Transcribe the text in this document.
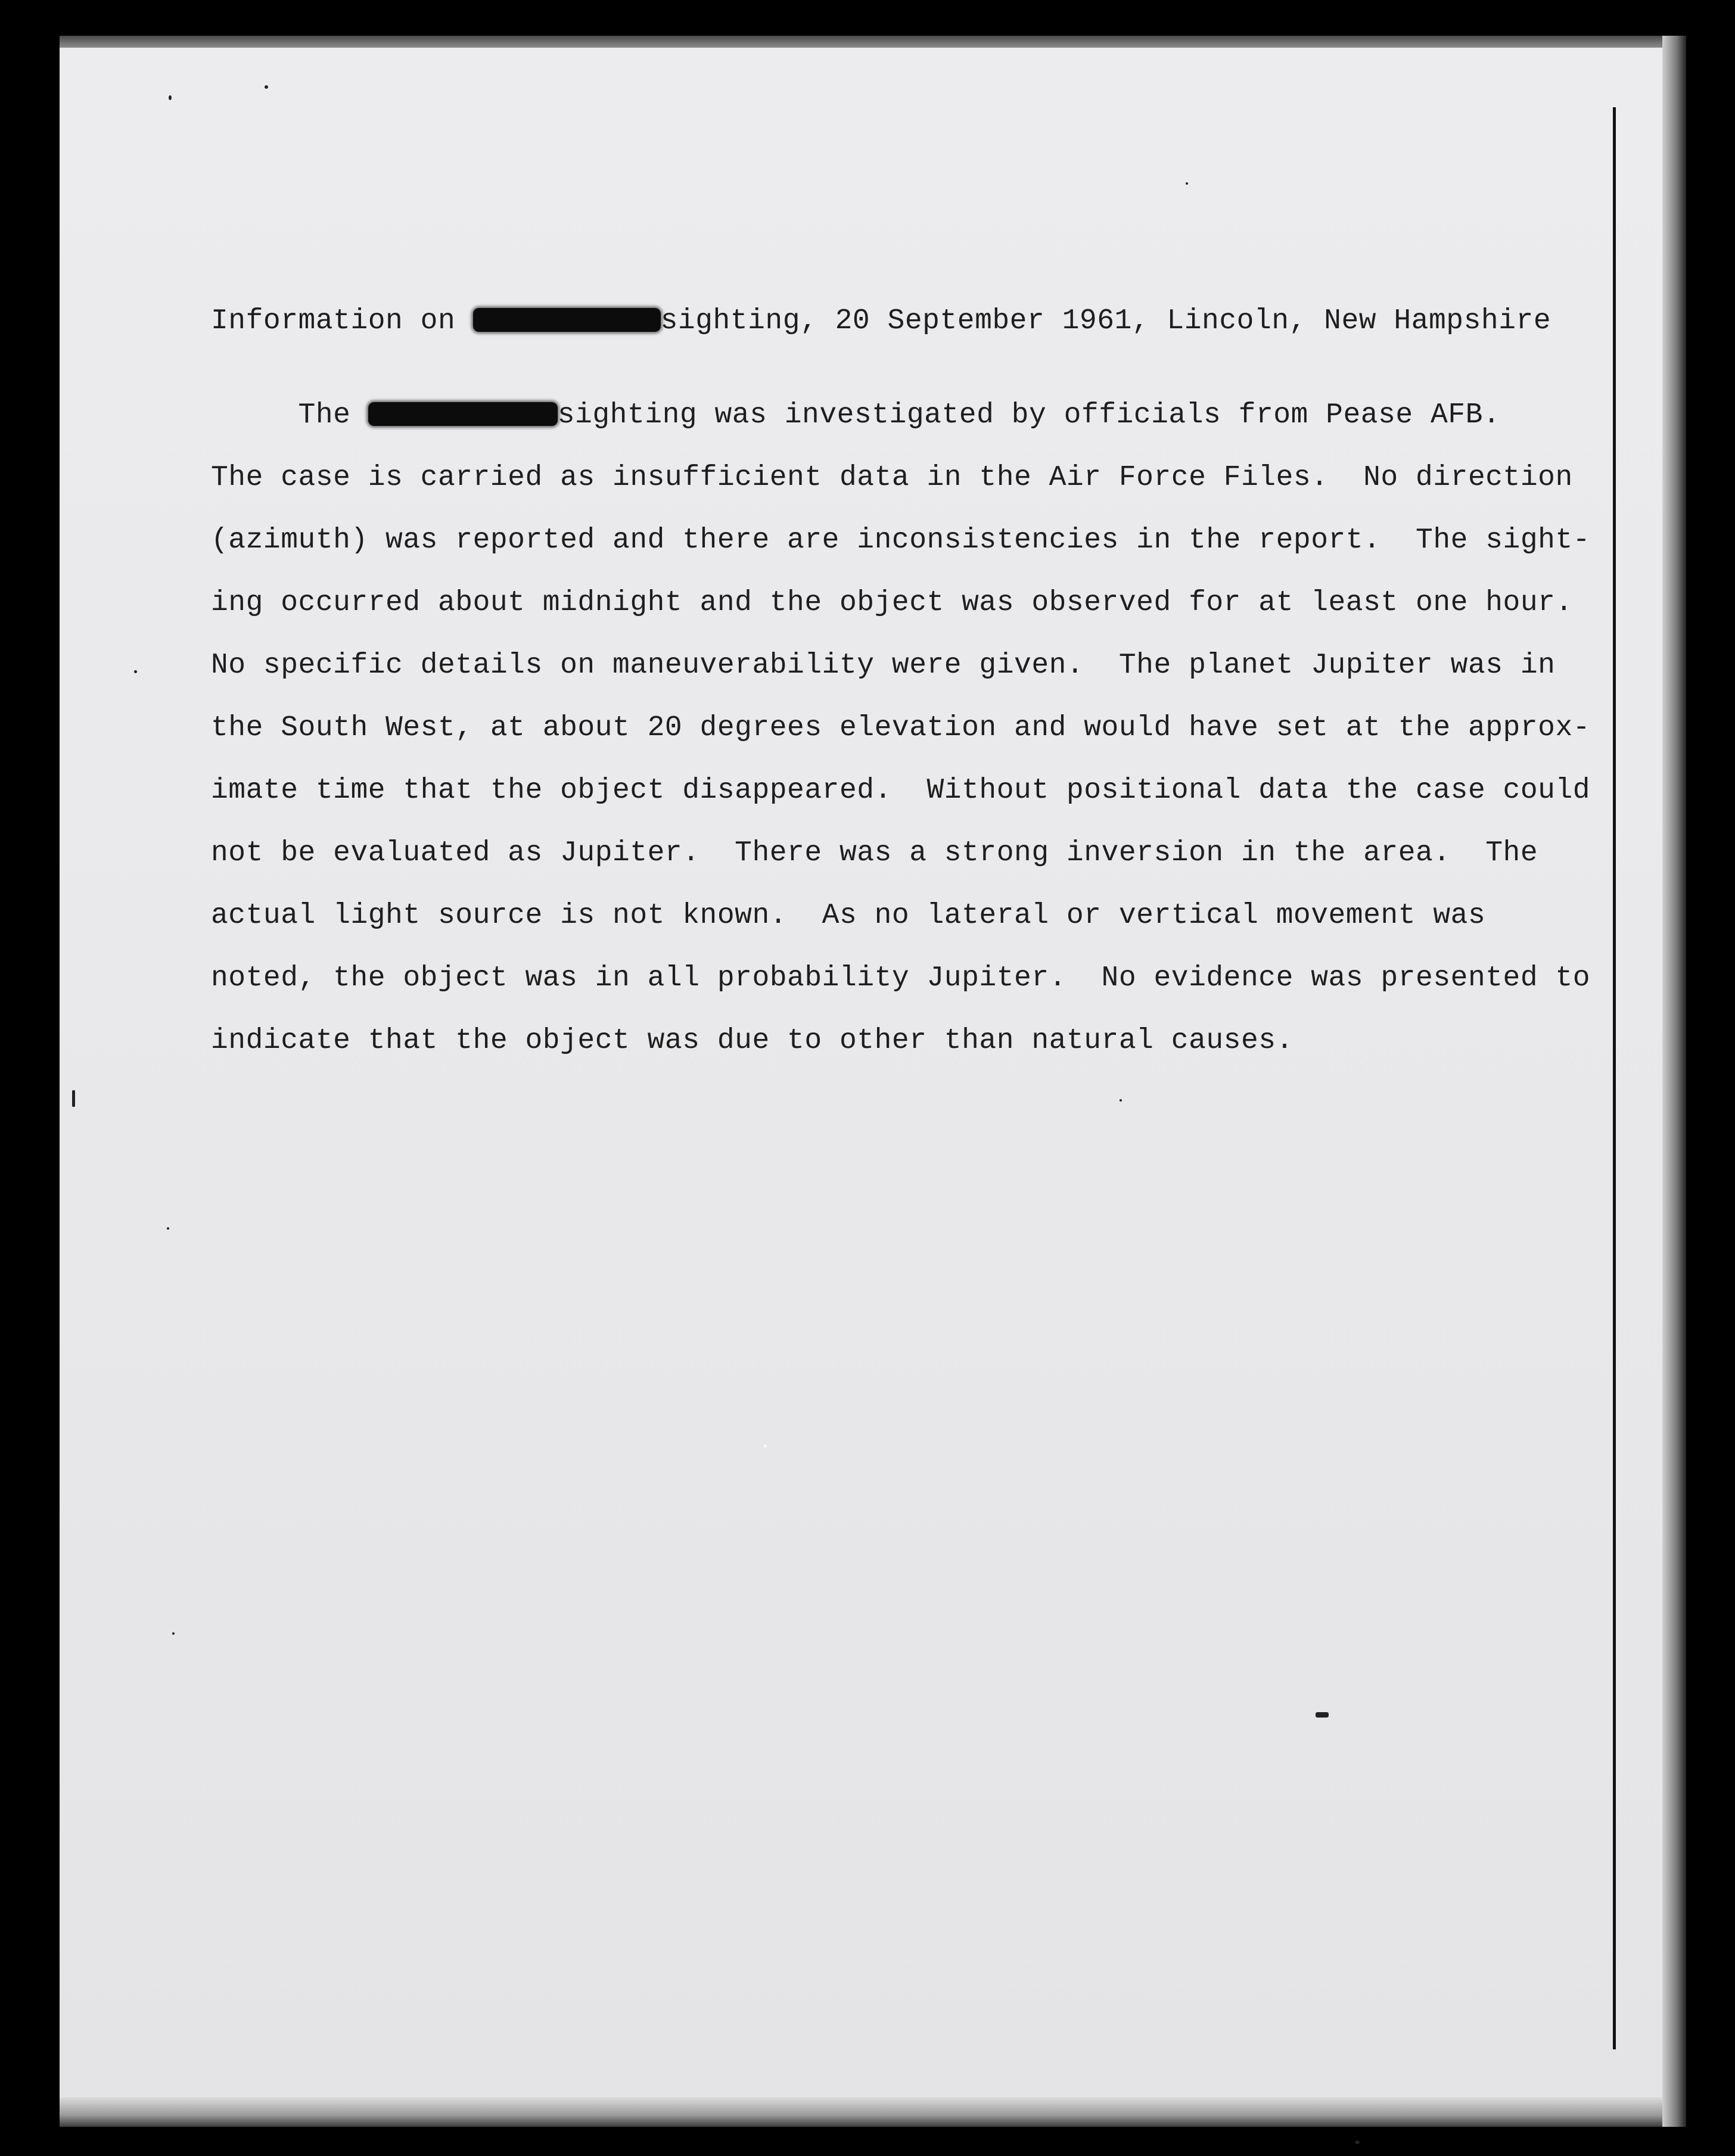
Information on	sighting, 20 September 1961, Lincoln, New Hampshire
The	sighting was investigated by officials from Pease AFB.
The case is carried as insufficient data in the Air Force Files.  No direction
(azimuth) was reported and there are inconsistencies in the report.  The sight-
ing occurred about midnight and the object was observed for at least one hour.
No specific details on maneuverability were given.  The planet Jupiter was in
the South West, at about 20 degrees elevation and would have set at the approx-
imate time that the object disappeared.  Without positional data the case could
not be evaluated as Jupiter.  There was a strong inversion in the area.  The
actual light source is not known.  As no lateral or vertical movement was
noted, the object was in all probability Jupiter.  No evidence was presented to
indicate that the object was due to other than natural causes.
